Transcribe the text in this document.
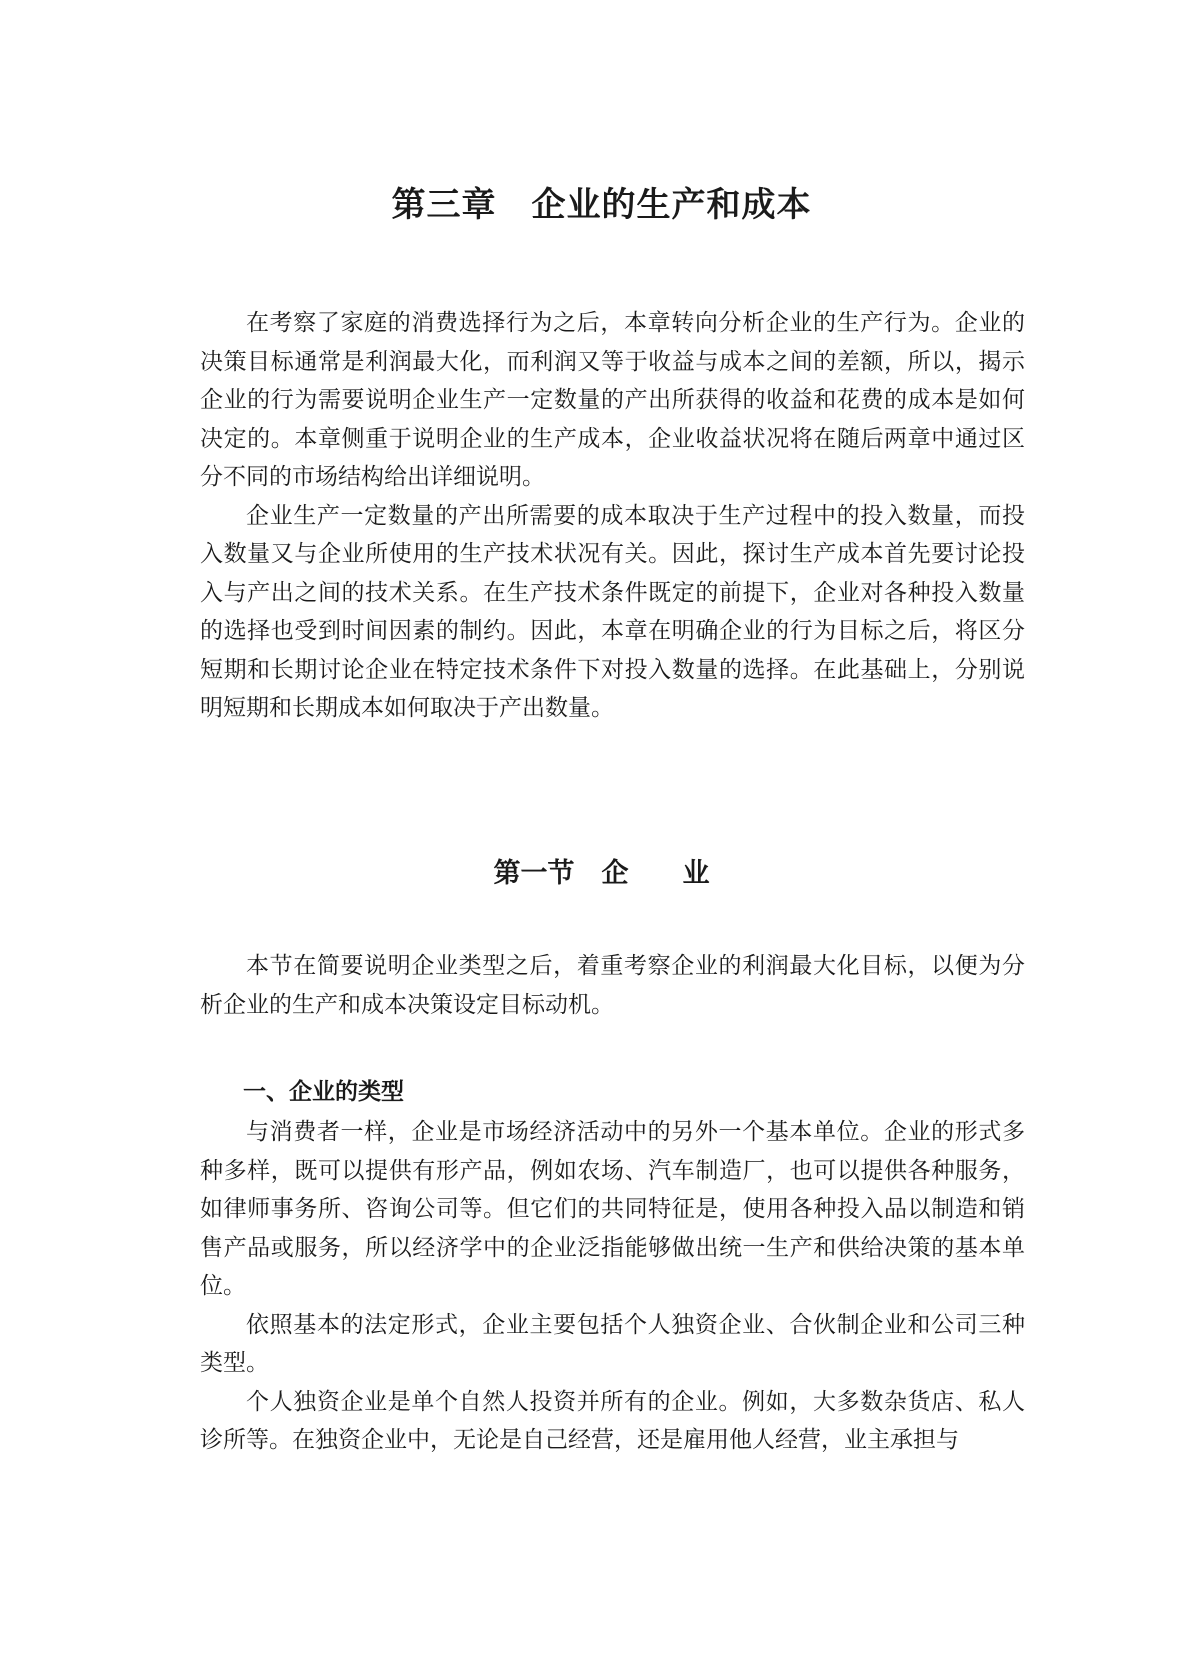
第三章　企业的生产和成本

在考察了家庭的消费选择行为之后，本章转向分析企业的生产行为。企业的决策目标通常是利润最大化，而利润又等于收益与成本之间的差额，所以，揭示企业的行为需要说明企业生产一定数量的产出所获得的收益和花费的成本是如何决定的。本章侧重于说明企业的生产成本，企业收益状况将在随后两章中通过区分不同的市场结构给出详细说明。

企业生产一定数量的产出所需要的成本取决于生产过程中的投入数量，而投入数量又与企业所使用的生产技术状况有关。因此，探讨生产成本首先要讨论投入与产出之间的技术关系。在生产技术条件既定的前提下，企业对各种投入数量的选择也受到时间因素的制约。因此，本章在明确企业的行为目标之后，将区分短期和长期讨论企业在特定技术条件下对投入数量的选择。在此基础上，分别说明短期和长期成本如何取决于产出数量。

第一节　企　　业

本节在简要说明企业类型之后，着重考察企业的利润最大化目标，以便为分析企业的生产和成本决策设定目标动机。

一、企业的类型

与消费者一样，企业是市场经济活动中的另外一个基本单位。企业的形式多种多样，既可以提供有形产品，例如农场、汽车制造厂，也可以提供各种服务，如律师事务所、咨询公司等。但它们的共同特征是，使用各种投入品以制造和销售产品或服务，所以经济学中的企业泛指能够做出统一生产和供给决策的基本单位。

依照基本的法定形式，企业主要包括个人独资企业、合伙制企业和公司三种类型。

个人独资企业是单个自然人投资并所有的企业。例如，大多数杂货店、私人诊所等。在独资企业中，无论是自己经营，还是雇用他人经营，业主承担与
